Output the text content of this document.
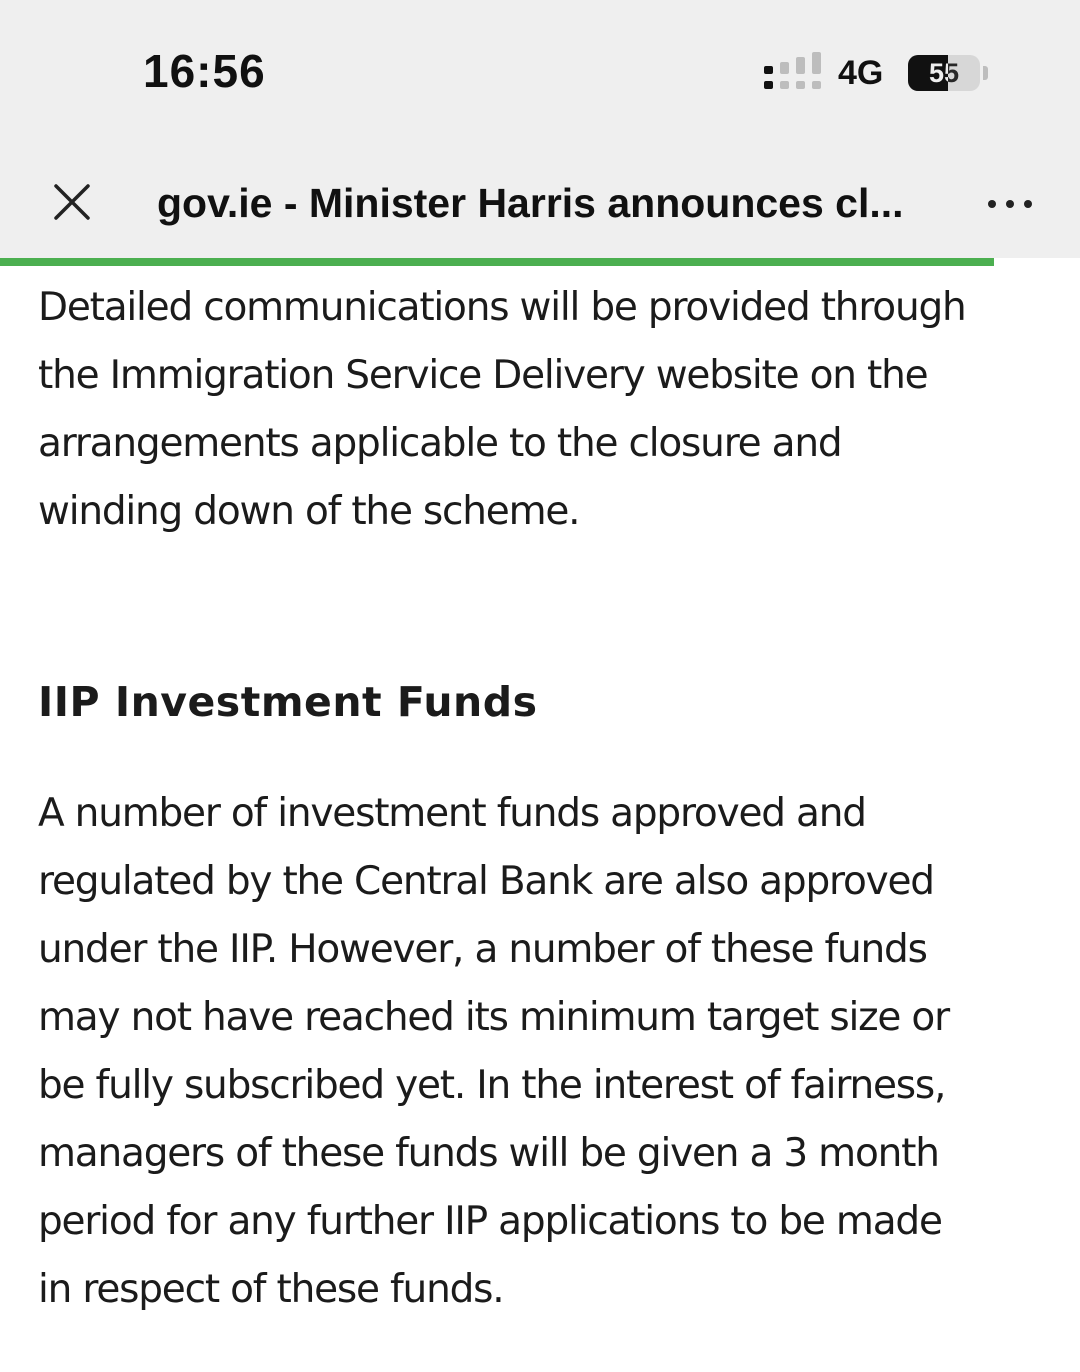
16:56	4G	55
gov.ie - Minister Harris announces cl...
Detailed communications will be provided through
the Immigration Service Delivery website on the
arrangements applicable to the closure and
winding down of the scheme.
IIP Investment Funds
A number of investment funds approved and
regulated by the Central Bank are also approved
under the IIP. However, a number of these funds
may not have reached its minimum target size or
be fully subscribed yet. In the interest of fairness,
managers of these funds will be given a 3 month
period for any further IIP applications to be made
in respect of these funds.
